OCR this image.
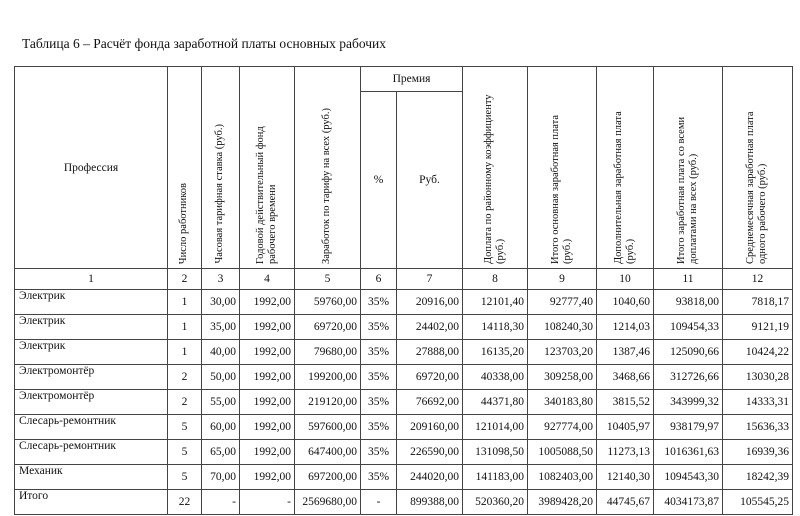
Таблица 6 – Расчёт фонда заработной платы основных рабочих
Профессия	Число работников	Часовая тарифная ставка (руб.)	Годовой действительный фонд рабочего времени	Заработок по тарифу на всех (руб.)	Премия		Доплата по районному коэффициенту (руб.)	Итого основная заработная плата (руб.)	Дополнительная заработная плата (руб.)	Итого заработная плата со всеми доплатами на всех (руб.)	Среднемесячная заработная плата одного рабочего (руб.)

					%	Руб.					
1	2	3	4	5	6	7	8	9	10	11	12
Электрик	1	30,00	1992,00	59760,00	35%	20916,00	12101,40	92777,40	1040,60	93818,00	7818,17
Электрик	1	35,00	1992,00	69720,00	35%	24402,00	14118,30	108240,30	1214,03	109454,33	9121,19
Электрик	1	40,00	1992,00	79680,00	35%	27888,00	16135,20	123703,20	1387,46	125090,66	10424,22
Электромонтёр	2	50,00	1992,00	199200,00	35%	69720,00	40338,00	309258,00	3468,66	312726,66	13030,28
Электромонтёр	2	55,00	1992,00	219120,00	35%	76692,00	44371,80	340183,80	3815,52	343999,32	14333,31
Слесарь-ремонтник	5	60,00	1992,00	597600,00	35%	209160,00	121014,00	927774,00	10405,97	938179,97	15636,33
Слесарь-ремонтник	5	65,00	1992,00	647400,00	35%	226590,00	131098,50	1005088,50	11273,13	1016361,63	16939,36
Механик	5	70,00	1992,00	697200,00	35%	244020,00	141183,00	1082403,00	12140,30	1094543,30	18242,39
Итого	22	-	-	2569680,00	-	899388,00	520360,20	3989428,20	44745,67	4034173,87	105545,25
